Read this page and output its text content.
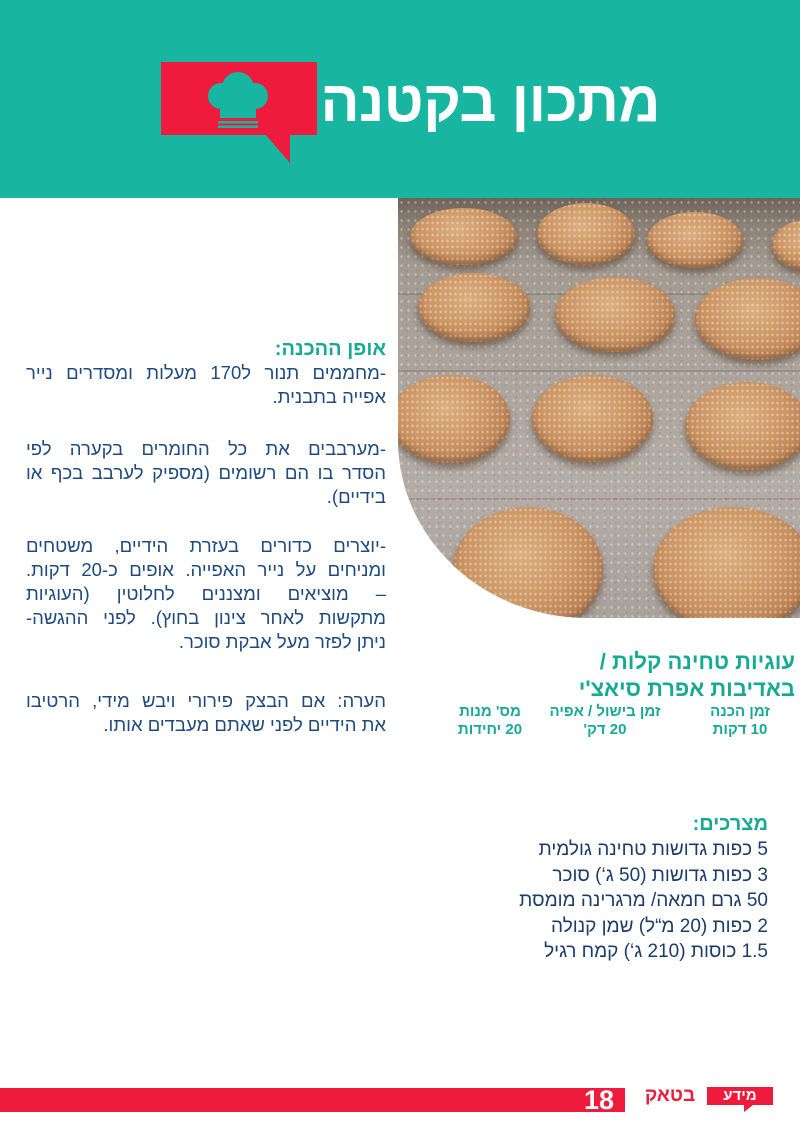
מתכון בקטנה
אופן ההכנה:
-מחממים תנור ל170 מעלות ומסדרים נייר
אפייה בתבנית.
-מערבבים את כל החומרים בקערה לפי
הסדר בו הם רשומים (מספיק לערבב בכף או
בידיים).
-יוצרים כדורים בעזרת הידיים, משטחים
ומניחים על נייר האפייה. אופים כ-20 דקות.
– מוציאים ומצננים לחלוטין (העוגיות
מתקשות לאחר צינון בחוץ). לפני ההגשה-
ניתן לפזר מעל אבקת סוכר.
הערה: אם הבצק פירורי ויבש מידי, הרטיבו
את הידיים לפני שאתם מעבדים אותו.
עוגיות טחינה קלות /
באדיבות אפרת סיאצ'י
זמן הכנה
10 דקות
זמן בישול / אפיה
20 דק'
מס' מנות
20 יחידות
מצרכים:
5 כפות גדושות טחינה גולמית
3 כפות גדושות (50 ג‘) סוכר
50 גרם חמאה/ מרגרינה מומסת
2 כפות (20 מ“ל) שמן קנולה
1.5 כוסות (210 ג‘) קמח רגיל
18	בטאק	מידע
